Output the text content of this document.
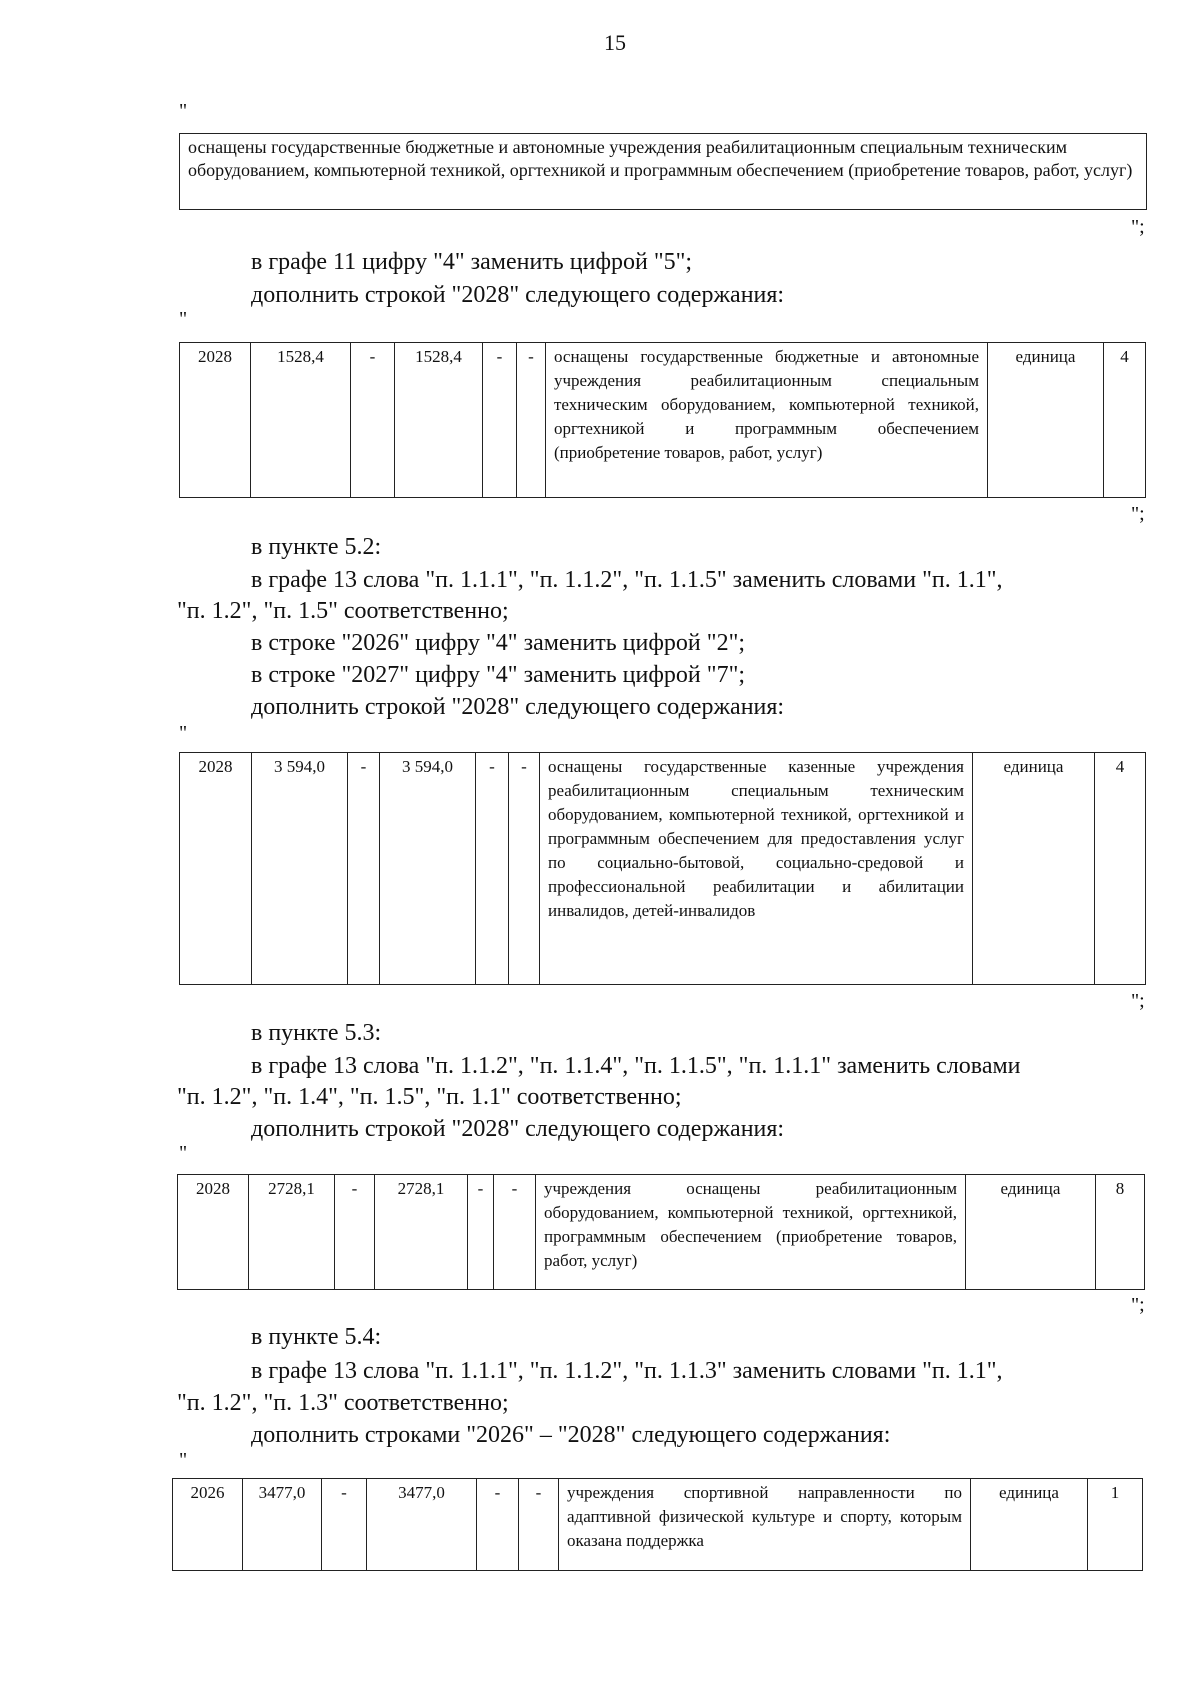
15
"
оснащены государственные бюджетные и автономные учреждения реабилитационным специальным техническим оборудованием, компьютерной техникой, оргтехникой и программным обеспечением (приобретение товаров, работ, услуг)
";
в графе 11 цифру "4" заменить цифрой "5";
дополнить строкой "2028" следующего содержания:
"
2028	1528,4	-	1528,4	-	-	оснащены государственные бюджетные и автономные учреждения реабилитационным специальным техническим оборудованием, компьютерной техникой, оргтехникой и программным обеспечением (приобретение товаров, работ, услуг)	единица	4
";
в пункте 5.2:
в графе 13 слова "п. 1.1.1", "п. 1.1.2", "п. 1.1.5" заменить словами "п. 1.1",
"п. 1.2", "п. 1.5" соответственно;
в строке "2026" цифру "4" заменить цифрой "2";
в строке "2027" цифру "4" заменить цифрой "7";
дополнить строкой "2028" следующего содержания:
"
2028	3 594,0	-	3 594,0	-	-	оснащены государственные казенные учреждения реабилитационным специальным техническим оборудованием, компьютерной техникой, оргтехникой и программным обеспечением для предоставления услуг по социально-бытовой, социально-средовой и профессиональной реабилитации и абилитации инвалидов, детей-инвалидов	единица	4
";
в пункте 5.3:
в графе 13 слова "п. 1.1.2", "п. 1.1.4", "п. 1.1.5", "п. 1.1.1" заменить словами
"п. 1.2", "п. 1.4", "п. 1.5", "п. 1.1" соответственно;
дополнить строкой "2028" следующего содержания:
"
2028	2728,1	-	2728,1	-	-	учреждения оснащены реабилитационным оборудованием, компьютерной техникой, оргтехникой, программным обеспечением (приобретение товаров, работ, услуг)	единица	8
";
в пункте 5.4:
в графе 13 слова "п. 1.1.1", "п. 1.1.2", "п. 1.1.3" заменить словами "п. 1.1",
"п. 1.2", "п. 1.3" соответственно;
дополнить строками "2026" – "2028" следующего содержания:
"
2026	3477,0	-	3477,0	-	-	учреждения спортивной направленности по адаптивной физической культуре и спорту, которым оказана поддержка	единица	1
